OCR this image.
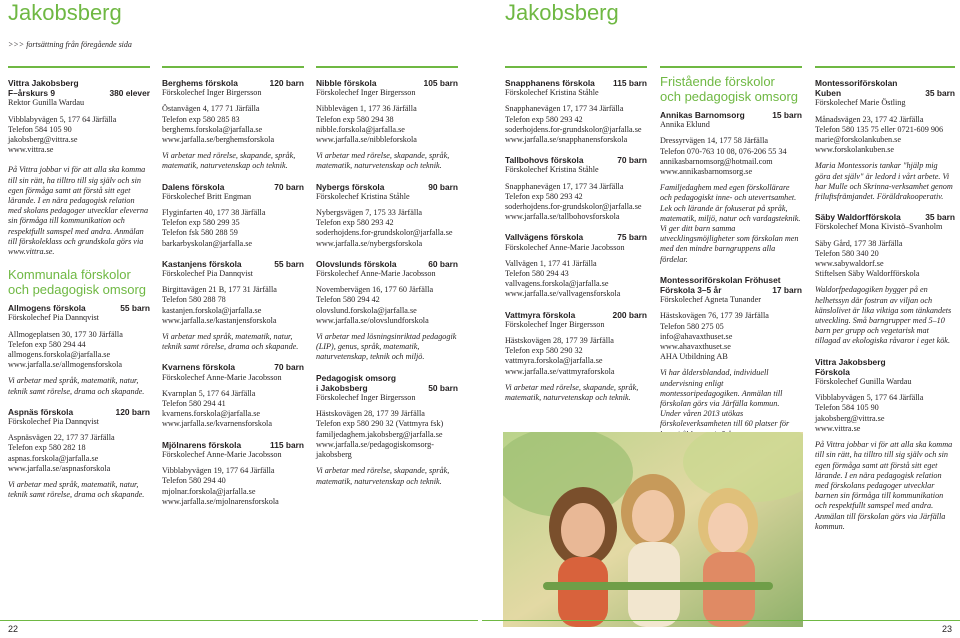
Jakobsberg	Jakobsberg
>>> fortsättning från föregående sida

Vittra Jakobsberg

F–årskurs 9	380 elever

Rektor Gunilla Wardau

Vibblabyvägen 5, 177 64 Järfälla

Telefon 584 105 90

jakobsberg@vittra.se

www.vittra.se

På Vittra jobbar vi för att alla ska komma till sin rätt, ha tilltro till sig själv och sin egen förmåga samt att förstå sitt eget lärande. I en nära pedagogisk relation med skolans pedagoger utvecklar eleverna sin förmåga till kommunikation och respektfullt samspel med andra. Anmälan till förskoleklass och grundskola görs via www.vittra.se.

Kommunala förskolor

och pedagogisk omsorg

Allmogens förskola	55 barn

Förskolechef Pia Dannqvist

Allmogeplatsen 30, 177 30 Järfälla

Telefon exp 580 294 44

allmogens.forskola@jarfalla.se

www.jarfalla.se/allmogensforskola

Vi arbetar med språk, matematik, natur, teknik samt rörelse, drama och skapande.

Aspnäs förskola	120 barn

Förskolechef Pia Dannqvist

Aspnäsvägen 22, 177 37 Järfälla

Telefon exp 580 282 18

aspnas.forskola@jarfalla.se

www.jarfalla.se/aspnasforskola

Vi arbetar med språk, matematik, natur, teknik samt rörelse, drama och skapande.

Berghems förskola	120 barn

Förskolechef Inger Birgersson

Östanvägen 4, 177 71 Järfälla

Telefon exp 580 285 83

berghems.forskola@jarfalla.se

www.jarfalla.se/berghemsforskola

Vi arbetar med rörelse, skapande, språk, matematik, naturvetenskap och teknik.

Dalens förskola	70 barn

Förskolechef Britt Engman

Flyginfarten 40, 177 38 Järfälla

Telefon exp 580 299 35

Telefon fsk 580 288 59

barkarbyskolan@jarfalla.se

Kastanjens förskola	55 barn

Förskolechef Pia Dannqvist

Birgittavägen 21 B, 177 31 Järfälla

Telefon 580 288 78

kastanjen.forskola@jarfalla.se

www.jarfalla.se/kastanjensforskola

Vi arbetar med språk, matematik, natur, teknik samt rörelse, drama och skapande.

Kvarnens förskola	70 barn

Förskolechef Anne-Marie Jacobsson

Kvarnplan 5, 177 64 Järfälla

Telefon 580 294 41

kvarnens.forskola@jarfalla.se

www.jarfalla.se/kvarnensforskola

Mjölnarens förskola	115 barn

Förskolechef Anne-Marie Jacobsson

Vibblabyvägen 19, 177 64 Järfälla

Telefon 580 294 40

mjolnar.forskola@jarfalla.se

www.jarfalla.se/mjolnarensforskola

Nibble förskola	105 barn

Förskolechef Inger Birgersson

Nibblevägen 1, 177 36 Järfälla

Telefon exp 580 294 38

nibble.forskola@jarfalla.se

www.jarfalla.se/nibbleforskola

Vi arbetar med rörelse, skapande, språk, matematik, naturvetenskap och teknik.

Nybergs förskola	90 barn

Förskolechef Kristina Ståhle

Nybergsvägen 7, 175 33 Järfälla

Telefon exp 580 293 42

soderhojdens.for-grundskolor@jarfalla.se

www.jarfalla.se/nybergsforskola

Olovslunds förskola	60 barn

Förskolechef Anne-Marie Jacobsson

Novembervägen 16, 177 60 Järfälla

Telefon 580 294 42

olovslund.forskola@jarfalla.se

www.jarfalla.se/olovslundforskola

Vi arbetar med lösningsinriktad pedagogik (LIP), genus, språk, matematik, naturvetenskap, teknik och miljö.

Pedagogisk omsorg

i Jakobsberg	50 barn

Förskolechef Inger Birgersson

Hästskovägen 28, 177 39 Järfälla

Telefon exp 580 290 32 (Vattmyra fsk)

familjedaghem.jakobsberg@jarfalla.se

www.jarfalla.se/pedagogiskomsorg-jakobsberg

Vi arbetar med rörelse, skapande, språk, matematik, naturvetenskap och teknik.

Snapphanens förskola 115 barn

Förskolechef Kristina Ståhle

Snapphanevägen 17, 177 34 Järfälla

Telefon exp 580 293 42

soderhojdens.for-grundskolor@jarfalla.se

www.jarfalla.se/snapphanensforskola

Tallbohovs förskola	70 barn

Förskolechef Kristina Ståhle

Snapphanevägen 17, 177 34 Järfälla

Telefon exp 580 293 42

soderhojdens.for-grundskolor@jarfalla.se

www.jarfalla.se/tallbohovsforskola

Vallvägens förskola	75 barn

Förskolechef Anne-Marie Jacobsson

Vallvägen 1, 177 41 Järfälla

Telefon 580 294 43

vallvagens.forskola@jarfalla.se

www.jarfalla.se/vallvagensforskola

Vattmyra förskola	200 barn

Förskolechef Inger Birgersson

Hästskovägen 28, 177 39 Järfälla

Telefon exp 580 290 32

vattmyra.forskola@jarfalla.se

www.jarfalla.se/vattmyraforskola

Vi arbetar med rörelse, skapande, språk, matematik, naturvetenskap och teknik.

Fristående förskolor

och pedagogisk omsorg

Annikas Barnomsorg	15 barn

Annika Eklund

Dressyrvägen 14, 177 58 Järfälla

Telefon 070-763 10 08, 076-206 55 34

annikasbarnomsorg@hotmail.com

www.annikasbarnomsorg.se

Familjedaghem med egen förskollärare och pedagogiskt inne- och utevertsamhet. Lek och lärande är fokuserat på språk, matematik, miljö, natur och vardagsteknik. Vi ger ditt barn samma utvecklingsmöjligheter som förskolan men med den mindre barngruppens alla fördelar.

Montessoriförskolan Fröhuset

Förskola 3–5 år	17 barn

Förskolechef Agneta Tunander

Hästskovägen 76, 177 39 Järfälla

Telefon 580 275 05

info@ahavaxthuset.se

www.ahavaxthuset.se

AHA Utbildning AB

Vi har åldersblandad, individuell undervisning enligt montessoripedagogiken. Anmälan till förskolan görs via Järfälla kommun. Under våren 2013 utökas förskoleverksamheten till 60 platser för

Montessoriförskolan

Kuben	35 barn

Förskolechef Marie Östling

Månadsvägen 23, 177 42 Järfälla

Telefon 580 135 75 eller 0721-609 906

marie@forskolankuben.se

www.forskolankuben.se

Maria Montessoris tankar "hjälp mig göra det själv" är ledord i vårt arbete. Vi har Mulle och Skrinna-verksamhet genom friluftsfrämjandet. Föräldrakooperativ.

Säby Waldorfförskola	35 barn

Förskolechef Mona Kivistö–Svanholm

Säby Gård, 177 38 Järfälla

Telefon 580 340 20

www.sabywaldorf.se

Stiftelsen Säby Waldorfförskola

Waldorfpedagogiken bygger på en helhetssyn där fostran av viljan och känslolivet är lika viktiga som tänkandets utveckling. Små barngrupper med 5–10 barn per grupp och vegetarisk mat tillagad av ekologiska råvaror i eget kök.

Vittra Jakobsberg

Förskola

Förskolechef Gunilla Wardau

Vibblabyvägen 5, 177 64 Järfälla

Telefon 584 105 90

jakobsberg@vittra.se

www.vittra.se

På Vittra jobbar vi för att alla ska komma till sin rätt, ha tilltro till sig själv och sin egen förmåga samt att förstå sitt eget lärande. I en nära pedagogisk relation med förskolans pedagoger utvecklar barnen sin förmåga till kommunikation och respektfullt samspel med andra. Anmälan till förskolan görs via Järfälla kommun.

22	23
